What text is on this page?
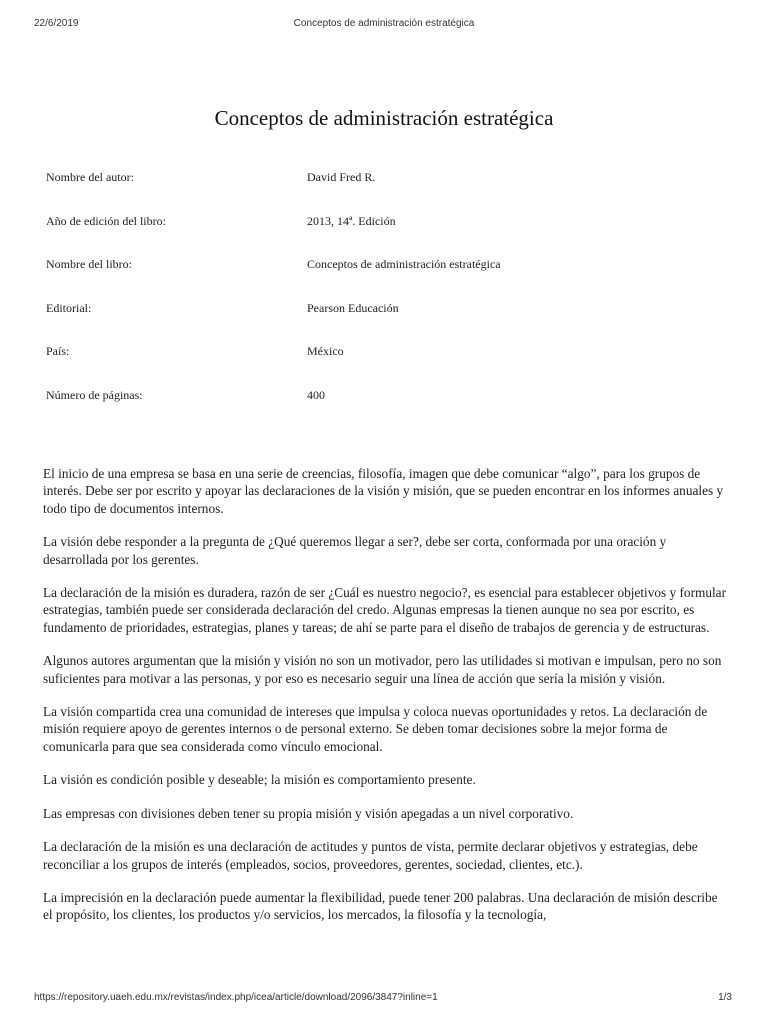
22/6/2019	Conceptos de administración estratégica
Conceptos de administración estratégica
Nombre del autor:	David Fred R.
Año de edición del libro:	2013, 14ª. Edición
Nombre del libro:	Conceptos de administración estratégica
Editorial:	Pearson Educación
País:	México
Número de páginas:	400

El inicio de una empresa se basa en una serie de creencias, filosofía, imagen que debe comunicar “algo”, para los grupos de interés. Debe ser por escrito y apoyar las declaraciones de la visión y misión, que se pueden encontrar en los informes anuales y todo tipo de documentos internos.

La visión debe responder a la pregunta de ¿Qué queremos llegar a ser?, debe ser corta, conformada por una oración y desarrollada por los gerentes.

La declaración de la misión es duradera, razón de ser ¿Cuál es nuestro negocio?, es esencial para establecer objetivos y formular estrategias, también puede ser considerada declaración del credo. Algunas empresas la tienen aunque no sea por escrito, es fundamento de prioridades, estrategias, planes y tareas; de ahí se parte para el diseño de trabajos de gerencia y de estructuras.

Algunos autores argumentan que la misión y visión no son un motivador, pero las utilidades si motivan e impulsan, pero no son suficientes para motivar a las personas, y por eso es necesario seguir una línea de acción que sería la misión y visión.

La visión compartida crea una comunidad de intereses que impulsa y coloca nuevas oportunidades y retos. La declaración de misión requiere apoyo de gerentes internos o de personal externo. Se deben tomar decisiones sobre la mejor forma de comunicarla para que sea considerada como vínculo emocional.

La visión es condición posible y deseable; la misión es comportamiento presente.

Las empresas con divisiones deben tener su propia misión y visión apegadas a un nivel corporativo.

La declaración de la misión es una declaración de actitudes y puntos de vista, permite declarar objetivos y estrategias, debe reconciliar a los grupos de interés (empleados, socios, proveedores, gerentes, sociedad, clientes, etc.).

La imprecisión en la declaración puede aumentar la flexibilidad, puede tener 200 palabras. Una declaración de misión describe el propósito, los clientes, los productos y/o servicios, los mercados, la filosofía y la tecnología,

https://repository.uaeh.edu.mx/revistas/index.php/icea/article/download/2096/3847?inline=1	1/3
